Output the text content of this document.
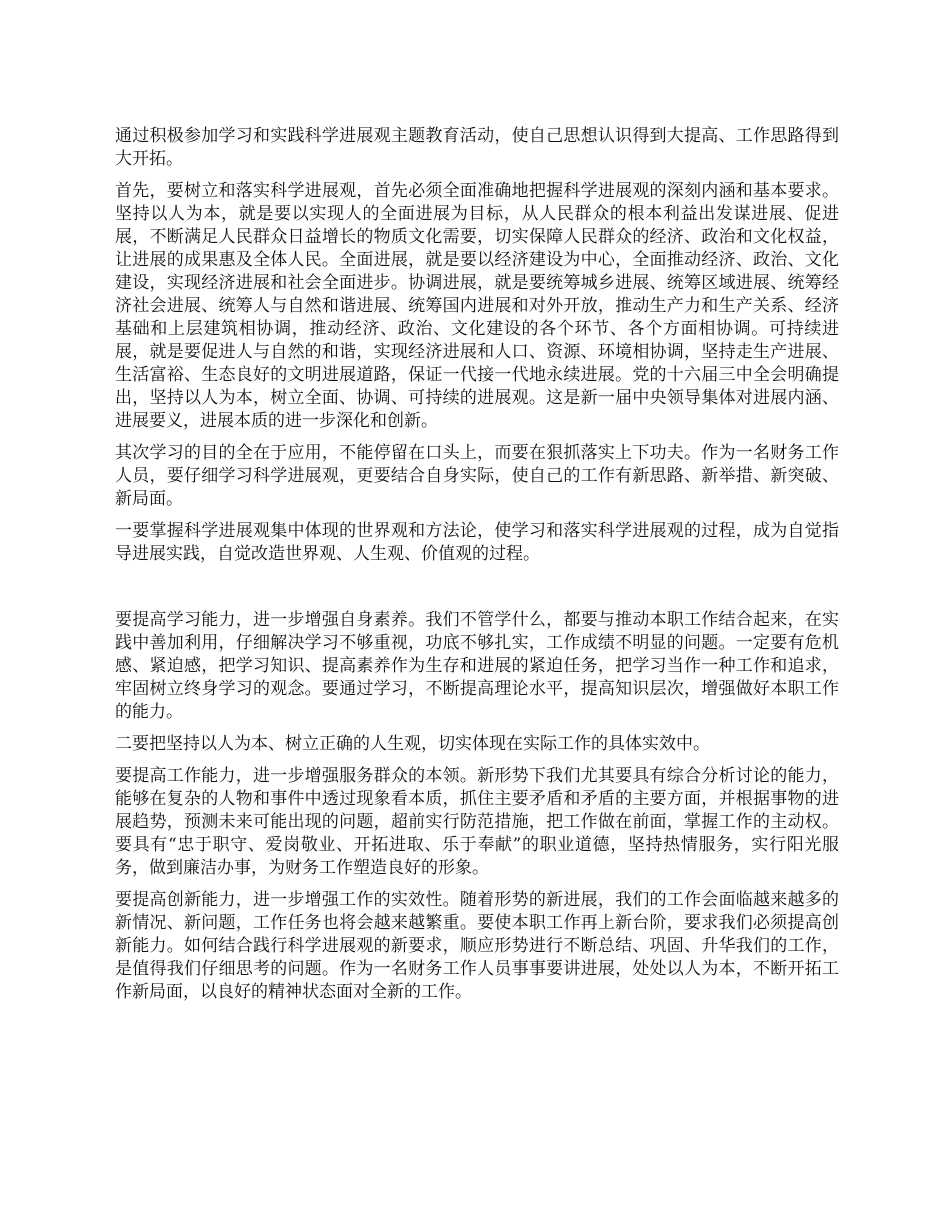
通过积极参加学习和实践科学进展观主题教育活动，使自己思想认识得到大提高、工作思路得到大开拓。

首先，要树立和落实科学进展观，首先必须全面准确地把握科学进展观的深刻内涵和基本要求。坚持以人为本，就是要以实现人的全面进展为目标，从人民群众的根本利益出发谋进展、促进展，不断满足人民群众日益增长的物质文化需要，切实保障人民群众的经济、政治和文化权益，让进展的成果惠及全体人民。全面进展，就是要以经济建设为中心，全面推动经济、政治、文化建设，实现经济进展和社会全面进步。协调进展，就是要统筹城乡进展、统筹区域进展、统筹经济社会进展、统筹人与自然和谐进展、统筹国内进展和对外开放，推动生产力和生产关系、经济基础和上层建筑相协调，推动经济、政治、文化建设的各个环节、各个方面相协调。可持续进展，就是要促进人与自然的和谐，实现经济进展和人口、资源、环境相协调，坚持走生产进展、生活富裕、生态良好的文明进展道路，保证一代接一代地永续进展。党的十六届三中全会明确提出，坚持以人为本，树立全面、协调、可持续的进展观。这是新一届中央领导集体对进展内涵、进展要义，进展本质的进一步深化和创新。

其次学习的目的全在于应用，不能停留在口头上，而要在狠抓落实上下功夫。作为一名财务工作人员，要仔细学习科学进展观，更要结合自身实际，使自己的工作有新思路、新举措、新突破、新局面。

一要掌握科学进展观集中体现的世界观和方法论，使学习和落实科学进展观的过程，成为自觉指导进展实践，自觉改造世界观、人生观、价值观的过程。

要提高学习能力，进一步增强自身素养。我们不管学什么，都要与推动本职工作结合起来，在实践中善加利用，仔细解决学习不够重视，功底不够扎实，工作成绩不明显的问题。一定要有危机感、紧迫感，把学习知识、提高素养作为生存和进展的紧迫任务，把学习当作一种工作和追求，牢固树立终身学习的观念。要通过学习，不断提高理论水平，提高知识层次，增强做好本职工作的能力。

二要把坚持以人为本、树立正确的人生观，切实体现在实际工作的具体实效中。

要提高工作能力，进一步增强服务群众的本领。新形势下我们尤其要具有综合分析讨论的能力，能够在复杂的人物和事件中透过现象看本质，抓住主要矛盾和矛盾的主要方面，并根据事物的进展趋势，预测未来可能出现的问题，超前实行防范措施，把工作做在前面，掌握工作的主动权。要具有“忠于职守、爱岗敬业、开拓进取、乐于奉献”的职业道德，坚持热情服务，实行阳光服务，做到廉洁办事，为财务工作塑造良好的形象。

要提高创新能力，进一步增强工作的实效性。随着形势的新进展，我们的工作会面临越来越多的新情况、新问题，工作任务也将会越来越繁重。要使本职工作再上新台阶，要求我们必须提高创新能力。如何结合践行科学进展观的新要求，顺应形势进行不断总结、巩固、升华我们的工作，是值得我们仔细思考的问题。作为一名财务工作人员事事要讲进展，处处以人为本，不断开拓工作新局面，以良好的精神状态面对全新的工作。
